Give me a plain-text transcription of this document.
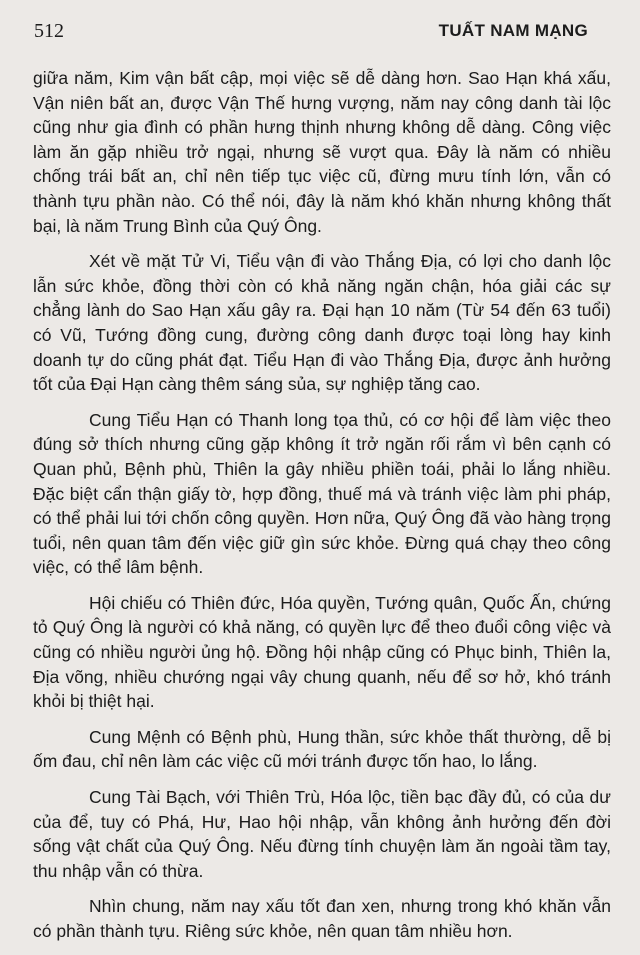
512	TUẤT NAM MẠNG

giữa năm, Kim vận bất cập, mọi việc sẽ dễ dàng hơn. Sao Hạn khá xấu, Vận niên bất an, được Vận Thế hưng vượng, năm nay công danh tài lộc cũng như gia đình có phần hưng thịnh nhưng không dễ dàng. Công việc làm ăn gặp nhiều trở ngại, nhưng sẽ vượt qua. Đây là năm có nhiều chống trái bất an, chỉ nên tiếp tục việc cũ, đừng mưu tính lớn, vẫn có thành tựu phần nào. Có thể nói, đây là năm khó khăn nhưng không thất bại, là năm Trung Bình của Quý Ông.

Xét về mặt Tử Vi, Tiểu vận đi vào Thắng Địa, có lợi cho danh lộc lẫn sức khỏe, đồng thời còn có khả năng ngăn chận, hóa giải các sự chẳng lành do Sao Hạn xấu gây ra. Đại hạn 10 năm (Từ 54 đến 63 tuổi) có Vũ, Tướng đồng cung, đường công danh được toại lòng hay kinh doanh tự do cũng phát đạt. Tiểu Hạn đi vào Thắng Địa, được ảnh hưởng tốt của Đại Hạn càng thêm sáng sủa, sự nghiệp tăng cao.

Cung Tiểu Hạn có Thanh long tọa thủ, có cơ hội để làm việc theo đúng sở thích nhưng cũng gặp không ít trở ngăn rối rắm vì bên cạnh có Quan phủ, Bệnh phù, Thiên la gây nhiều phiền toái, phải lo lắng nhiều. Đặc biệt cẩn thận giấy tờ, hợp đồng, thuế má và tránh việc làm phi pháp, có thể phải lui tới chốn công quyền. Hơn nữa, Quý Ông đã vào hàng trọng tuổi, nên quan tâm đến việc giữ gìn sức khỏe. Đừng quá chạy theo công việc, có thể lâm bệnh.

Hội chiếu có Thiên đức, Hóa quyền, Tướng quân, Quốc Ấn, chứng tỏ Quý Ông là người có khả năng, có quyền lực để theo đuổi công việc và cũng có nhiều người ủng hộ. Đồng hội nhập cũng có Phục binh, Thiên la, Địa võng, nhiều chướng ngại vây chung quanh, nếu để sơ hở, khó tránh khỏi bị thiệt hại.

Cung Mệnh có Bệnh phù, Hung thần, sức khỏe thất thường, dễ bị ốm đau, chỉ nên làm các việc cũ mới tránh được tốn hao, lo lắng.

Cung Tài Bạch, với Thiên Trù, Hóa lộc, tiền bạc đầy đủ, có của dư của để, tuy có Phá, Hư, Hao hội nhập, vẫn không ảnh hưởng đến đời sống vật chất của Quý Ông. Nếu đừng tính chuyện làm ăn ngoài tầm tay, thu nhập vẫn có thừa.

Nhìn chung, năm nay xấu tốt đan xen, nhưng trong khó khăn vẫn có phần thành tựu. Riêng sức khỏe, nên quan tâm nhiều hơn.
